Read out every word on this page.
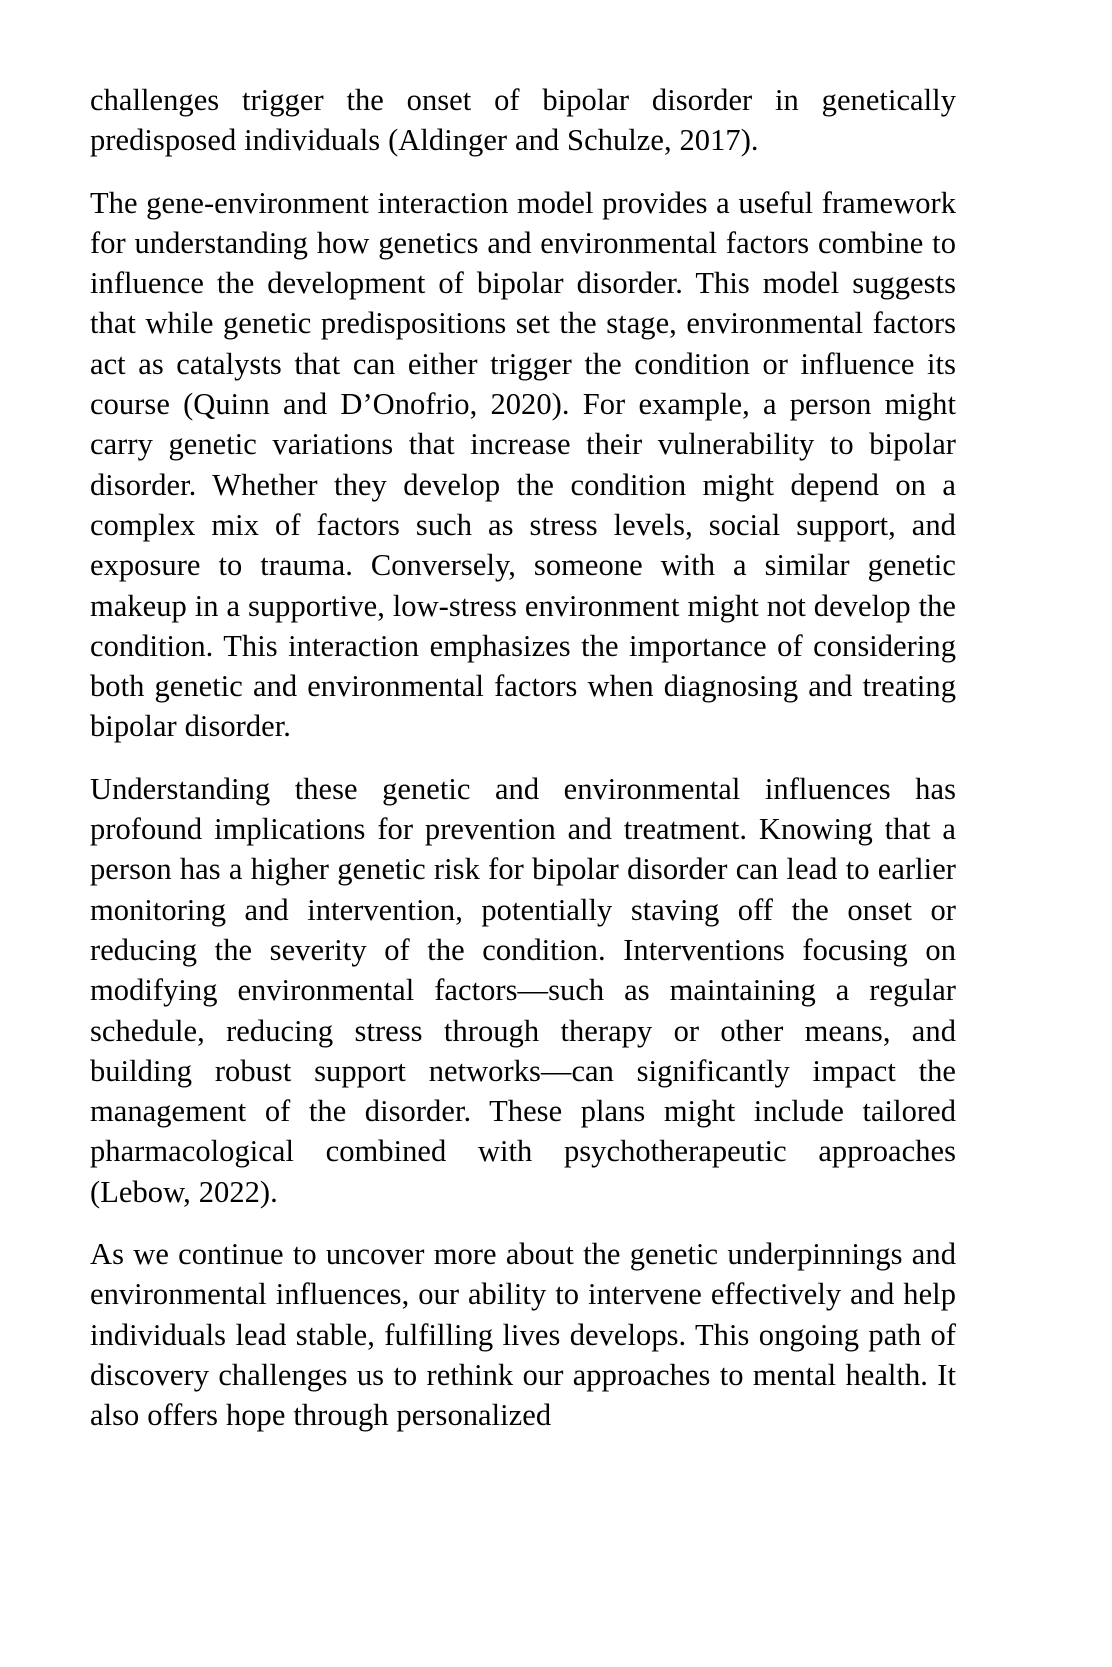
challenges trigger the onset of bipolar disorder in genetically predisposed individuals (Aldinger and Schulze, 2017).

The gene-environment interaction model provides a useful framework for understanding how genetics and environmental factors combine to influence the development of bipolar disorder. This model suggests that while genetic predispositions set the stage, environmental factors act as catalysts that can either trigger the condition or influence its course (Quinn and D’Onofrio, 2020). For example, a person might carry genetic variations that increase their vulnerability to bipolar disorder. Whether they develop the condition might depend on a complex mix of factors such as stress levels, social support, and exposure to trauma. Conversely, someone with a similar genetic makeup in a supportive, low-stress environment might not develop the condition. This interaction emphasizes the importance of considering both genetic and environmental factors when diagnosing and treating bipolar disorder.

Understanding these genetic and environmental influences has profound implications for prevention and treatment. Knowing that a person has a higher genetic risk for bipolar disorder can lead to earlier monitoring and intervention, potentially staving off the onset or reducing the severity of the condition. Interventions focusing on modifying environmental factors—such as maintaining a regular schedule, reducing stress through therapy or other means, and building robust support networks—can significantly impact the management of the disorder. These plans might include tailored pharmacological combined with psychotherapeutic approaches (Lebow, 2022).

As we continue to uncover more about the genetic underpinnings and environmental influences, our ability to intervene effectively and help individuals lead stable, fulfilling lives develops. This ongoing path of discovery challenges us to rethink our approaches to mental health. It also offers hope through personalized
